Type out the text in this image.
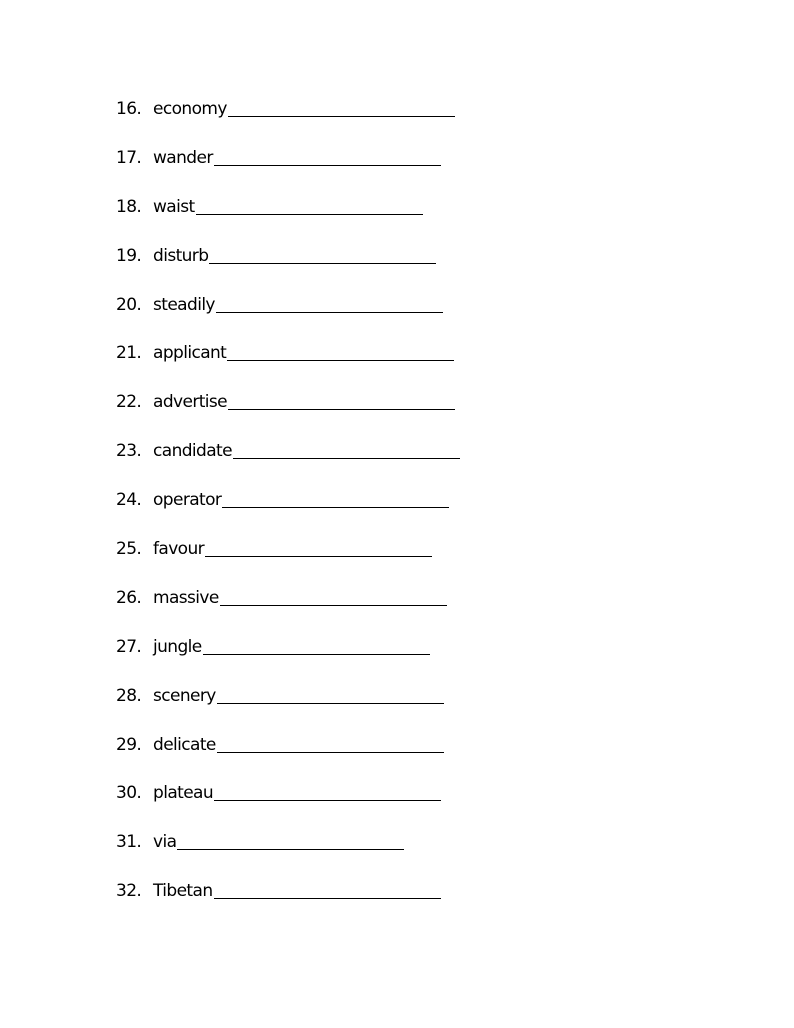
16. economy
17. wander
18. waist
19. disturb
20. steadily
21. applicant
22. advertise
23. candidate
24. operator
25. favour
26. massive
27. jungle
28. scenery
29. delicate
30. plateau
31. via
32. Tibetan
